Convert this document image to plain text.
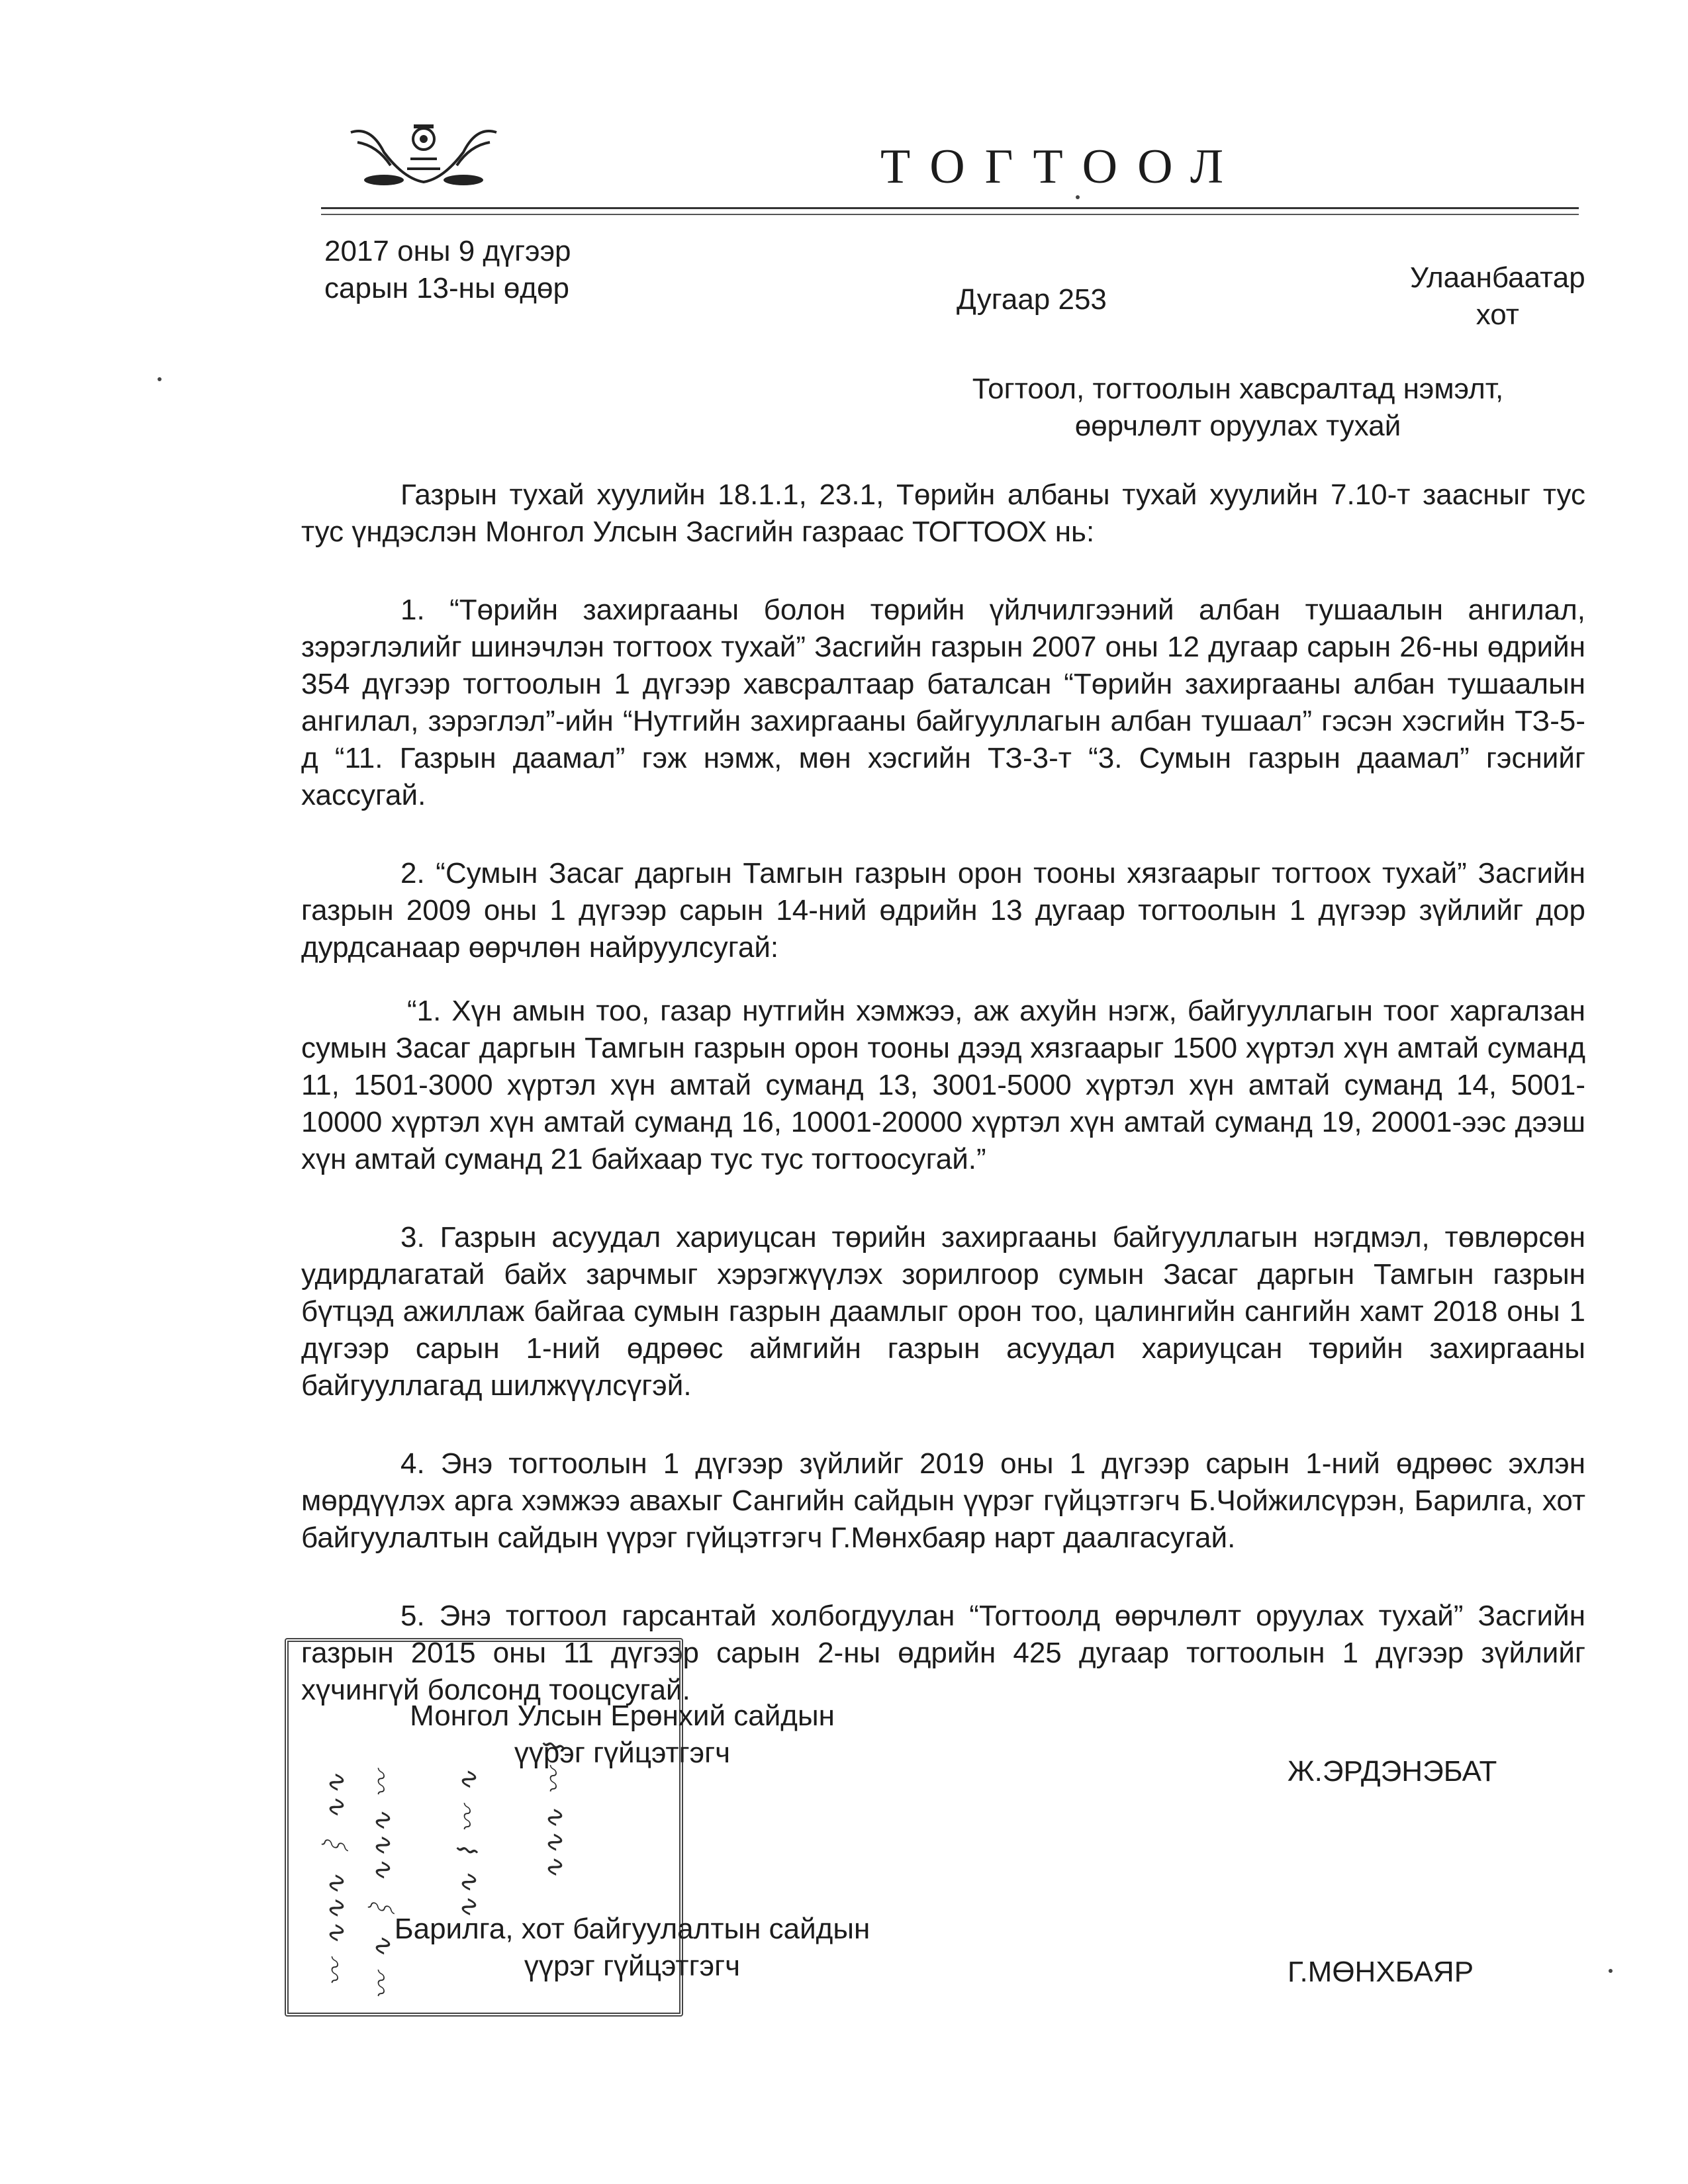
ТОГТООЛ
2017 оны 9 дүгээр
сарын 13-ны өдөр	Дугаар 253
Улаанбаатар
хот
Тогтоол, тогтоолын хавсралтад нэмэлт,
өөрчлөлт оруулах тухай

Газрын тухай хуулийн 18.1.1, 23.1, Төрийн албаны тухай хуулийн 7.10-т заасныг тус тус үндэслэн Монгол Улсын Засгийн газраас ТОГТООХ нь:

1. “Төрийн захиргааны болон төрийн үйлчилгээний албан тушаалын ангилал, зэрэглэлийг шинэчлэн тогтоох тухай” Засгийн газрын 2007 оны 12 дугаар сарын 26-ны өдрийн 354 дүгээр тогтоолын 1 дүгээр хавсралтаар баталсан “Төрийн захиргааны албан тушаалын ангилал, зэрэглэл”-ийн “Нутгийн захиргааны байгууллагын албан тушаал” гэсэн хэсгийн ТЗ-5-д “11. Газрын даамал” гэж нэмж, мөн хэсгийн ТЗ-3-т “3. Сумын газрын даамал” гэснийг хассугай.

2. “Сумын Засаг даргын Тамгын газрын орон тооны хязгаарыг тогтоох тухай” Засгийн газрын 2009 оны 1 дүгээр сарын 14-ний өдрийн 13 дугаар тогтоолын 1 дүгээр зүйлийг дор дурдсанаар өөрчлөн найруулсугай:

“1. Хүн амын тоо, газар нутгийн хэмжээ, аж ахуйн нэгж, байгууллагын тоог харгалзан сумын Засаг даргын Тамгын газрын орон тооны дээд хязгаарыг 1500 хүртэл хүн амтай суманд 11, 1501-3000 хүртэл хүн амтай суманд 13, 3001-5000 хүртэл хүн амтай суманд 14, 5001-10000 хүртэл хүн амтай суманд 16, 10001-20000 хүртэл хүн амтай суманд 19, 20001-ээс дээш хүн амтай суманд 21 байхаар тус тус тогтоосугай.”

3. Газрын асуудал хариуцсан төрийн захиргааны байгууллагын нэгдмэл, төвлөрсөн удирдлагатай байх зарчмыг хэрэгжүүлэх зорилгоор сумын Засаг даргын Тамгын газрын бүтцэд ажиллаж байгаа сумын газрын даамлыг орон тоо, цалингийн сангийн хамт 2018 оны 1 дүгээр сарын 1-ний өдрөөс аймгийн газрын асуудал хариуцсан төрийн захиргааны байгууллагад шилжүүлсүгэй.

4. Энэ тогтоолын 1 дүгээр зүйлийг 2019 оны 1 дүгээр сарын 1-ний өдрөөс эхлэн мөрдүүлэх арга хэмжээ авахыг Сангийн сайдын үүрэг гүйцэтгэгч Б.Чойжилсүрэн, Барилга, хот байгуулалтын сайдын үүрэг гүйцэтгэгч Г.Мөнхбаяр нарт даалгасугай.

5. Энэ тогтоол гарсантай холбогдуулан “Тогтоолд өөрчлөлт оруулах тухай” Засгийн газрын 2015 оны 11 дүгээр сарын 2-ны өдрийн 425 дугаар тогтоолын 1 дүгээр зүйлийг хүчингүй болсонд тооцсугай.

〰 ∿∿∿ ⌇ ∿∿ 〰 ∿ ⌇ ∿∿∿ 〰 ∿∿ ⌇ 〰 ∿ ∿∿∿ 〰 ⌇
Монгол Улсын Ерөнхий сайдын
үүрэг гүйцэтгэгч
Ж.ЭРДЭНЭБАТ
Барилга, хот байгуулалтын сайдын
үүрэг гүйцэтгэгч	Г.МӨНХБАЯР
